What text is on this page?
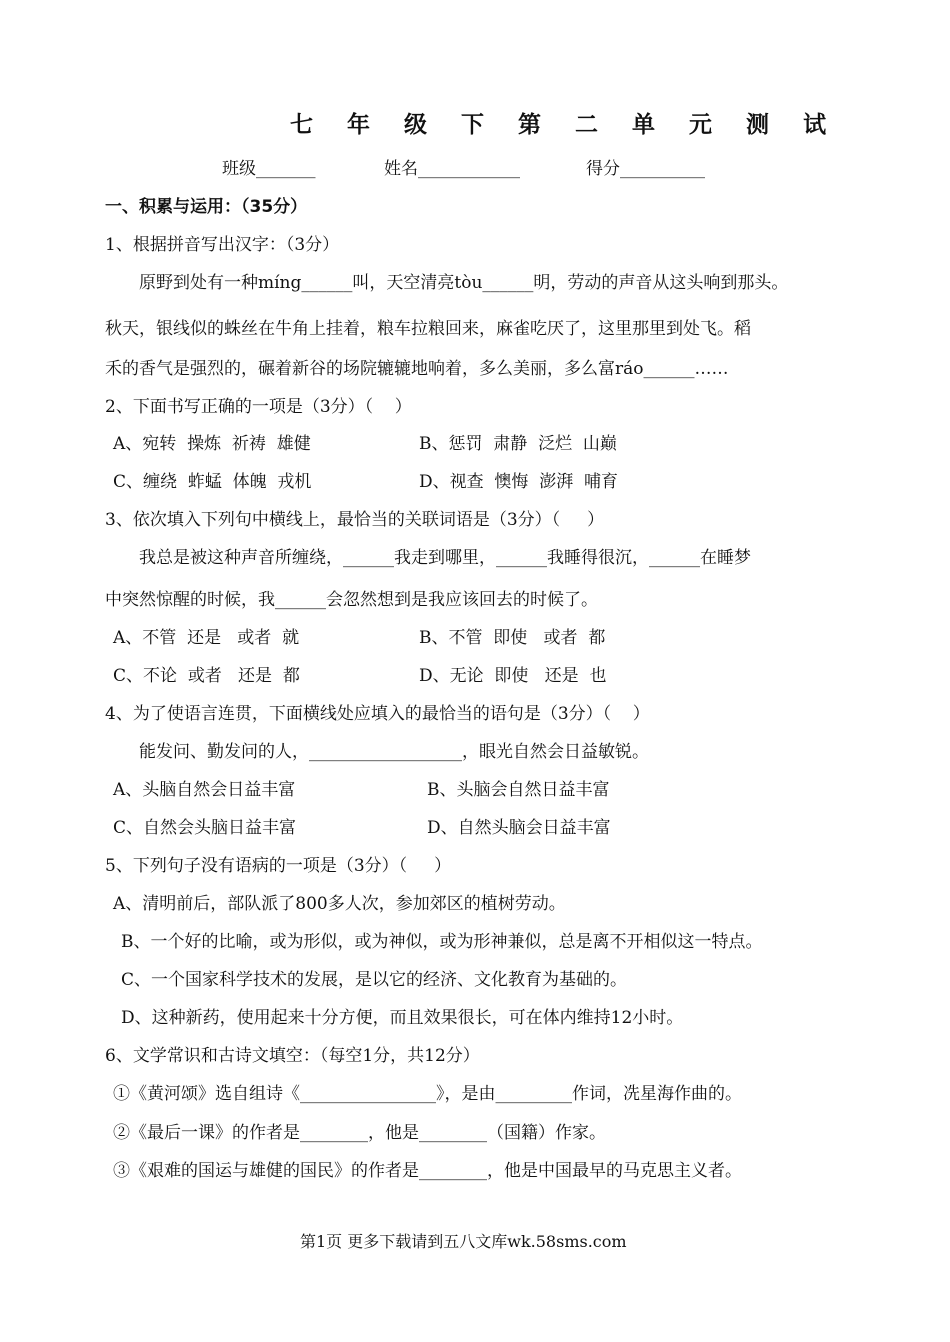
七 年 级 下 第 二 单 元 测 试
班级_______	姓名____________	得分__________
一、积累与运用：（35分）
1、根据拼音写出汉字：（3分）
原野到处有一种míng______叫，天空清亮tòu______明，劳动的声音从这头响到那头。
秋天，银线似的蛛丝在牛角上挂着，粮车拉粮回来，麻雀吃厌了，这里那里到处飞。稻
禾的香气是强烈的，碾着新谷的场院辘辘地响着，多么美丽，多么富ráo______……
2、下面书写正确的一项是（3分）（    ）
A、宛转  操炼  祈祷  雄健	B、惩罚  肃静  泛烂  山巅
C、缠绕  蚱蜢  体魄  戎机	D、视查  懊悔  澎湃  哺育
3、依次填入下列句中横线上，最恰当的关联词语是（3分）（     ）
我总是被这种声音所缠绕，______我走到哪里，______我睡得很沉，______在睡梦
中突然惊醒的时候，我______会忽然想到是我应该回去的时候了。
A、不管  还是   或者  就	B、不管  即使   或者  都
C、不论  或者   还是  都	D、无论  即使   还是  也
4、为了使语言连贯，下面横线处应填入的最恰当的语句是（3分）（    ）
能发问、勤发问的人，__________________，眼光自然会日益敏锐。
A、头脑自然会日益丰富	B、头脑会自然日益丰富
C、自然会头脑日益丰富	D、自然头脑会日益丰富
5、下列句子没有语病的一项是（3分）（     ）
A、清明前后，部队派了800多人次，参加郊区的植树劳动。
B、一个好的比喻，或为形似，或为神似，或为形神兼似，总是离不开相似这一特点。
C、一个国家科学技术的发展，是以它的经济、文化教育为基础的。
D、这种新药，使用起来十分方便，而且效果很长，可在体内维持12小时。
6、文学常识和古诗文填空：（每空1分，共12分）
①《黄河颂》选自组诗《________________》，是由_________作词，冼星海作曲的。
②《最后一课》的作者是________，他是________（国籍）作家。
③《艰难的国运与雄健的国民》的作者是________，他是中国最早的马克思主义者。
第1页 更多下载请到五八文库wk.58sms.com
